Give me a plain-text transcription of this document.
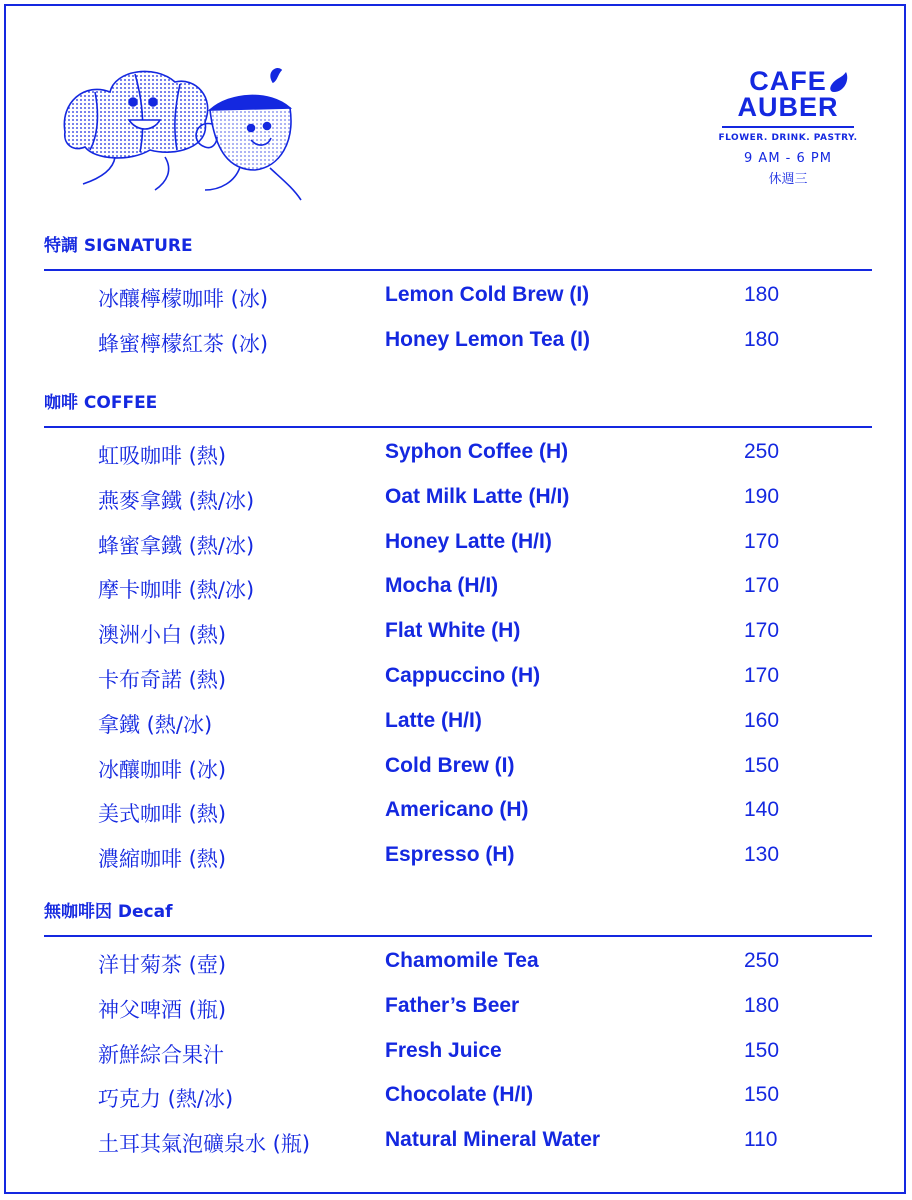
CAFE
AUBER
FLOWER. DRINK. PASTRY.
9 AM - 6 PM
休週三
特調 SIGNATURE
冰釀檸檬咖啡 (冰)	Lemon Cold Brew (I)	180
蜂蜜檸檬紅茶 (冰)	Honey Lemon Tea (I)	180
咖啡 COFFEE
虹吸咖啡 (熱)	Syphon Coffee (H)	250
燕麥拿鐵 (熱/冰)	Oat Milk Latte (H/I)	190
蜂蜜拿鐵 (熱/冰)	Honey Latte (H/I)	170
摩卡咖啡 (熱/冰)	Mocha (H/I)	170
澳洲小白 (熱)	Flat White (H)	170
卡布奇諾 (熱)	Cappuccino (H)	170
拿鐵 (熱/冰)	Latte (H/I)	160
冰釀咖啡 (冰)	Cold Brew (I)	150
美式咖啡 (熱)	Americano (H)	140
濃縮咖啡 (熱)	Espresso (H)	130
無咖啡因 Decaf
洋甘菊茶 (壺)	Chamomile Tea	250
神父啤酒 (瓶)	Father’s Beer	180
新鮮綜合果汁	Fresh Juice	150
巧克力 (熱/冰)	Chocolate (H/I)	150
土耳其氣泡礦泉水 (瓶)	Natural Mineral Water	110
